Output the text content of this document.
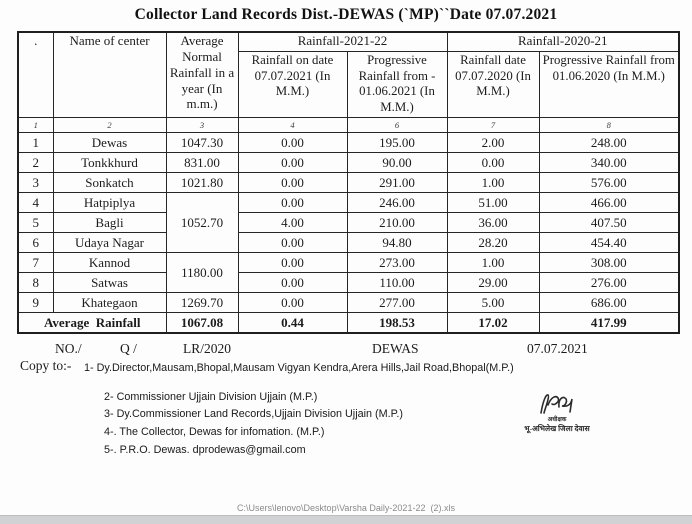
Collector Land Records Dist.-DEWAS (`MP)``Date 07.07.2021
.	Name of center	Average Normal Rainfall in a year (In m.m.)	Rainfall-2021-22		Rainfall-2020-21	
			Rainfall on date 07.07.2021 (In M.M.)	Progressive Rainfall from - 01.06.2021 (In M.M.)	Rainfall date 07.07.2020 (In M.M.)	Progressive Rainfall from 01.06.2020 (In M.M.)
1	2	3	4	6	7	8
1	Dewas	1047.30	0.00	195.00	2.00	248.00
2	Tonkkhurd	831.00	0.00	90.00	0.00	340.00
3	Sonkatch	1021.80	0.00	291.00	1.00	576.00
4	Hatpiplya	1052.70	0.00	246.00	51.00	466.00
5	Bagli		4.00	210.00	36.00	407.50
6	Udaya Nagar		0.00	94.80	28.20	454.40
7	Kannod	1180.00	0.00	273.00	1.00	308.00
8	Satwas		0.00	110.00	29.00	276.00
9	Khategaon	1269.70	0.00	277.00	5.00	686.00
Average  Rainfall		1067.08	0.44	198.53	17.02	417.99
NO./	Q /	LR/2020	DEWAS	07.07.2021
Copy to:- 1- Dy.Director,Mausam,Bhopal,Mausam Vigyan Kendra,Arera Hills,Jail Road,Bhopal(M.P.)
2- Commissioner Ujjain Division Ujjain (M.P.)
3- Dy.Commissioner Land Records,Ujjain Division Ujjain (M.P.)
4-. The Collector, Dewas for infomation. (M.P.)
5-. P.R.O. Dewas. dprodewas@gmail.com
अधीक्षक
भू-अभिलेख जिला देवास
C:\Users\lenovo\Desktop\Varsha Daily-2021-22  (2).xls
